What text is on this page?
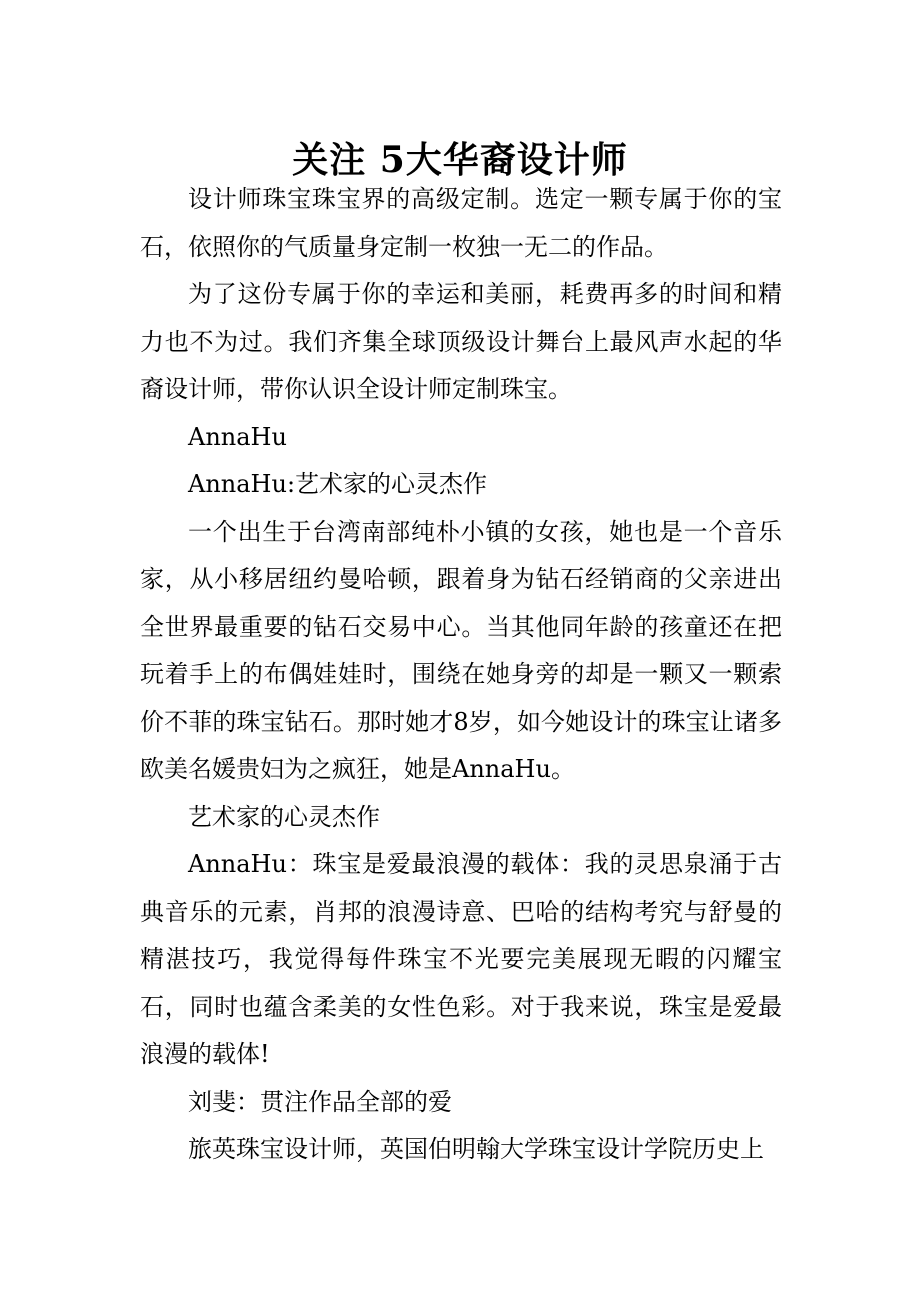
关注 5大华裔设计师

设计师珠宝珠宝界的高级定制。选定一颗专属于你的宝石，依照你的气质量身定制一枚独一无二的作品。

为了这份专属于你的幸运和美丽，耗费再多的时间和精力也不为过。我们齐集全球顶级设计舞台上最风声水起的华裔设计师，带你认识全设计师定制珠宝。

AnnaHu

AnnaHu:艺术家的心灵杰作

一个出生于台湾南部纯朴小镇的女孩，她也是一个音乐家，从小移居纽约曼哈顿，跟着身为钻石经销商的父亲进出全世界最重要的钻石交易中心。当其他同年龄的孩童还在把玩着手上的布偶娃娃时，围绕在她身旁的却是一颗又一颗索价不菲的珠宝钻石。那时她才8岁，如今她设计的珠宝让诸多欧美名媛贵妇为之疯狂，她是AnnaHu。

艺术家的心灵杰作

AnnaHu：珠宝是爱最浪漫的载体：我的灵思泉涌于古典音乐的元素，肖邦的浪漫诗意、巴哈的结构考究与舒曼的精湛技巧，我觉得每件珠宝不光要完美展现无暇的闪耀宝石，同时也蕴含柔美的女性色彩。对于我来说，珠宝是爱最浪漫的载体!

刘斐：贯注作品全部的爱

旅英珠宝设计师，英国伯明翰大学珠宝设计学院历史上
